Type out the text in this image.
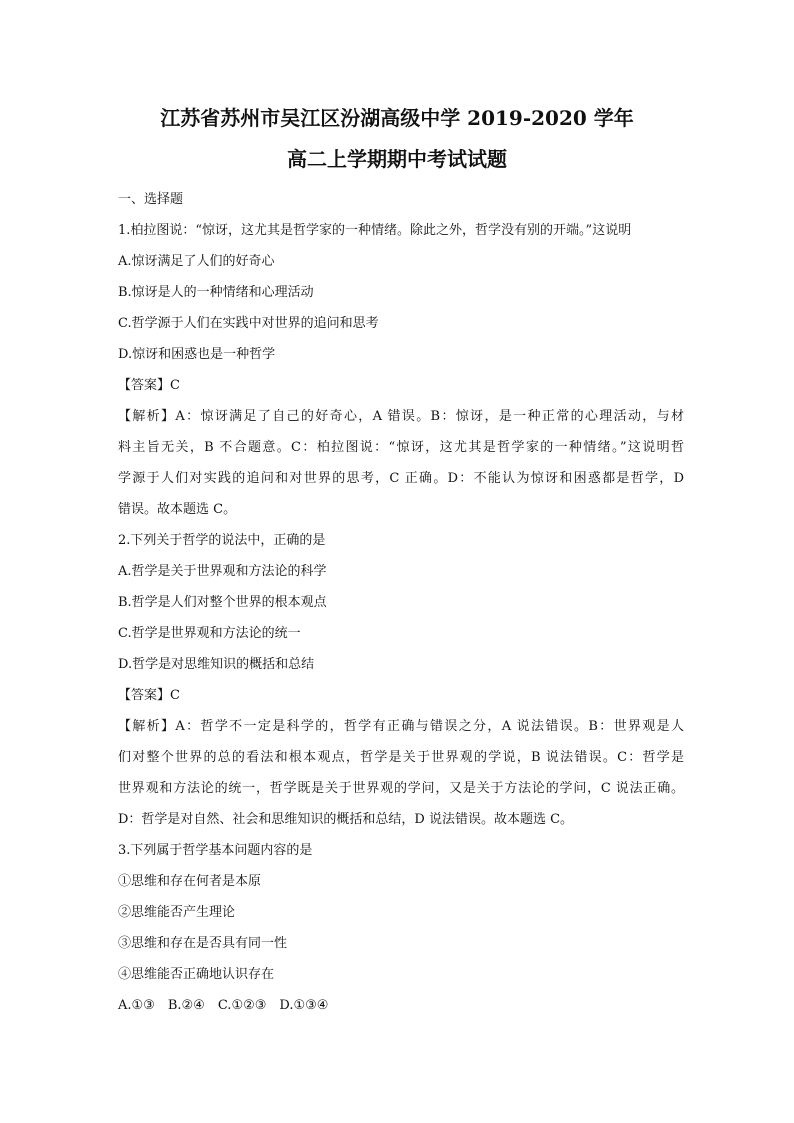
江苏省苏州市吴江区汾湖高级中学 2019-2020 学年
高二上学期期中考试试题
一、选择题
1.柏拉图说：“惊讶，这尤其是哲学家的一种情绪。除此之外，哲学没有别的开端。”这说明
A.惊讶满足了人们的好奇心
B.惊讶是人的一种情绪和心理活动
C.哲学源于人们在实践中对世界的追问和思考
D.惊讶和困惑也是一种哲学
【答案】C
【解析】A：惊讶满足了自己的好奇心，A 错误。B：惊讶，是一种正常的心理活动，与材
料主旨无关，B 不合题意。C：柏拉图说：“惊讶，这尤其是哲学家的一种情绪。”这说明哲
学源于人们对实践的追问和对世界的思考，C 正确。D：不能认为惊讶和困惑都是哲学，D
错误。故本题选 C。
2.下列关于哲学的说法中，正确的是
A.哲学是关于世界观和方法论的科学
B.哲学是人们对整个世界的根本观点
C.哲学是世界观和方法论的统一
D.哲学是对思维知识的概括和总结
【答案】C
【解析】A：哲学不一定是科学的，哲学有正确与错误之分，A 说法错误。B：世界观是人
们对整个世界的总的看法和根本观点，哲学是关于世界观的学说，B 说法错误。C：哲学是
世界观和方法论的统一，哲学既是关于世界观的学问，又是关于方法论的学问，C 说法正确。
D：哲学是对自然、社会和思维知识的概括和总结，D 说法错误。故本题选 C。
3.下列属于哲学基本问题内容的是
①思维和存在何者是本原
②思维能否产生理论
③思维和存在是否具有同一性
④思维能否正确地认识存在
A.①③　B.②④　C.①②③　D.①③④
